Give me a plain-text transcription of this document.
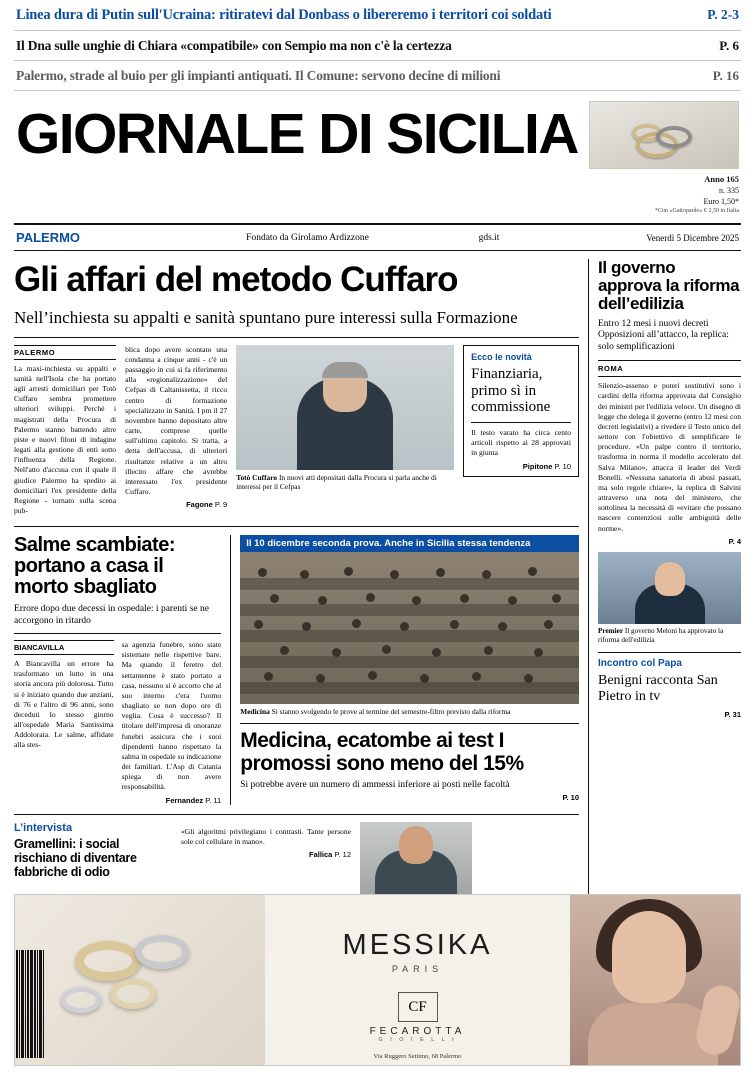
Linea dura di Putin sull'Ucraina: ritiratevi dal Donbass o libereremo i territori coi soldati	P. 2-3
Il Dna sulle unghie di Chiara «compatibile» con Sempio ma non c'è la certezza	P. 6
Palermo, strade al buio per gli impianti antiquati. Il Comune: servono decine di milioni	P. 16
GIORNALE DI SICILIA
Anno 165
n. 335
Euro 1,50*
*Con «Gattopardo» € 2,50 in Italia
PALERMO	Fondato da Girolamo Ardizzone	gds.it	Venerdì 5 Dicembre 2025
Gli affari del metodo Cuffaro
Nell’inchiesta su appalti e sanità spuntano pure interessi sulla Formazione
PALERMO
La maxi-inchiesta su appalti e sanità nell'Isola che ha portato agli arresti domiciliari per Totò Cuffaro sembra promettere ulteriori sviluppi. Perché i magistrati della Procura di Palermo stanno battendo altre piste e nuovi filoni di indagine legati alla gestione di enti sotto l'influenza della Regione. Nell'atto d'accusa con il quale il giudice Palermo ha spedito ai domiciliari l'ex presidente della Regione - tornato sulla scena pub-
blica dopo avere scontato una condanna a cinque anni - c'è un passaggio in cui si fa riferimento alla «regionalizzazione» del Cefpas di Caltanissetta, il ricco centro di formazione specializzato in Sanità. I pm il 27 novembre hanno depositato altre carte, comprese quelle sull'ultimo capitolo. Si tratta, a detta dell'accusa, di ulteriori risultanze relative a un altro illecito affare che avrebbe interessato l'ex presidente Cuffaro.
Fagone P. 9
Totò Cuffaro In nuovi atti depositati dalla Procura si parla anche di interessi per il Cefpas
Ecco le novità
Finanziaria, primo sì in commissione
Il testo varato ha circa cento articoli rispetto ai 28 approvati in giunta
Pipitone P. 10
Salme scambiate: portano a casa il morto sbagliato
Errore dopo due decessi in ospedale: i parenti se ne accorgono in ritardo
BIANCAVILLA
A Biancavilla un errore ha trasformato un lutto in una storia ancora più dolorosa. Tutto si è iniziato quando due anziani, di 76 e l'altro di 96 anni, sono deceduti lo stesso giorno all'ospedale Maria Santissima Addolorata. Le salme, affidate alla stes-
sa agenzia funebre, sono state sistemate nelle rispettive bare. Ma quando il feretro del settantenne è stato portato a casa, nessuno si è accorto che al suo interno c'era l'uomo sbagliato se non dopo ore di veglia. Cosa è successo? Il titolare dell'impresa di onoranze funebri assicura che i suoi dipendenti hanno rispettato la salma in ospedale su indicazione dei familiari. L'Asp di Catania spiega di non avere responsabilità.
Fernandez P. 11
Il 10 dicembre seconda prova. Anche in Sicilia stessa tendenza
Medicina Si stanno svolgendo le prove al termine del semestre-filtro previsto dalla riforma
Medicina, ecatombe ai test I promossi sono meno del 15%
Si potrebbe avere un numero di ammessi inferiore ai posti nelle facoltà
P. 10
L’intervista
Gramellini: i social rischiano di diventare fabbriche di odio
«Gli algoritmi privilegiano i contrasti. Tante persone sole col cellulare in mano».
Fallica P. 12
Il governo approva la riforma dell’edilizia
Entro 12 mesi i nuovi decreti Opposizioni all’attacco, la replica: solo semplificazioni
ROMA
Silenzio-assenso e poteri sostitutivi sono i cardini della riforma approvata dal Consiglio dei ministri per l'edilizia veloce. Un disegno di legge che delega il governo (entro 12 mesi con decreti legislativi) a rivedere il Testo unico del settore con l'obiettivo di semplificare le procedure. «Un palpe contro il territorio, trasforma in norma il modello accelerato del Salva Milano», attacca il leader dei Verdi Bonelli. «Nessuna sanatoria di abusi passati, ma solo regole chiare», la replica di Salvini attraverso una nota del ministero, che sottolinea la necessità di «evitare che possano nascere contenziosi sulle ambiguità delle norme».
P. 4
Premier Il governo Meloni ha approvato la riforma dell'edilizia
Incontro col Papa
Benigni racconta San Pietro in tv
P. 31
MESSIKA
PARIS
CF
FECAROTTA
G I O I E L L I
Via Ruggero Settimo, 68 Palermo
